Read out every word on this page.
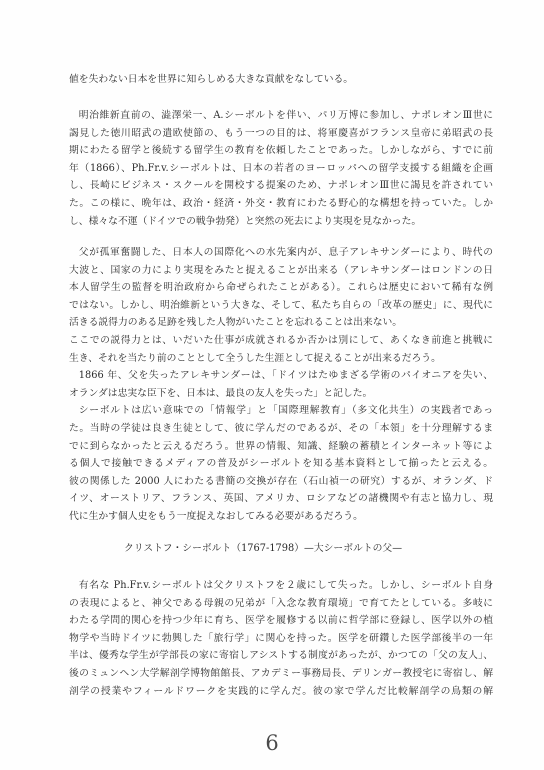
値を失わない日本を世界に知らしめる大きな貢献をなしている。
明治維新直前の、澁澤栄一、A.シーボルトを伴い、パリ万博に参加し、ナポレオンⅢ世に
謁見した徳川昭武の遣欧使節の、もう一つの目的は、将軍慶喜がフランス皇帝に弟昭武の長
期にわたる留学と後続する留学生の教育を依頼したことであった。しかしながら、すでに前
年（1866）、Ph.Fr.v.シーボルトは、日本の若者のヨーロッパへの留学支援する組織を企画
し、長崎にビジネス・スクールを開校する提案のため、ナポレオンⅢ世に謁見を許されてい
た。この様に、晩年は、政治・経済・外交・教育にわたる野心的な構想を持っていた。しか
し、様々な不運（ドイツでの戦争勃発）と突然の死去により実現を見なかった。
父が孤軍奮闘した、日本人の国際化への水先案内が、息子アレキサンダーにより、時代の
大波と、国家の力により実現をみたと捉えることが出来る（アレキサンダーはロンドンの日
本人留学生の監督を明治政府から命ぜられたことがある）。これらは歴史において稀有な例
ではない。しかし、明治維新という大きな、そして、私たち自らの「改革の歴史」に、現代に
活きる説得力のある足跡を残した人物がいたことを忘れることは出来ない。
ここでの説得力とは、いだいた仕事が成就されるか否かは別にして、あくなき前進と挑戦に
生き、それを当たり前のこととして全うした生涯として捉えることが出来るだろう。
1866 年、父を失ったアレキサンダーは、「ドイツはたゆまざる学術のパイオニアを失い、
オランダは忠実な臣下を、日本は、最良の友人を失った」と記した。
シーボルトは広い意味での「情報学」と「国際理解教育」（多文化共生）の実践者であっ
た。当時の学徒は良き生徒として、彼に学んだのであるが、その「本領」を十分理解するま
でに到らなかったと云えるだろう。世界の情報、知識、経験の蓄積とインターネット等によ
る個人で接触できるメディアの普及がシーボルトを知る基本資料として揃ったと云える。
彼の関係した 2000 人にわたる書簡の交換が存在（石山禎一の研究）するが、オランダ、ド
イツ、オーストリア、フランス、英国、アメリカ、ロシアなどの諸機関や有志と協力し、現
代に生かす個人史をもう一度捉えなおしてみる必要があるだろう。
クリストフ・シーボルト（1767-1798）—大シーボルトの父—
有名な Ph.Fr.v.シーボルトは父クリストフを２歳にして失った。しかし、シーボルト自身
の表現によると、神父である母親の兄弟が「入念な教育環境」で育てたとしている。多岐に
わたる学問的関心を持つ少年に育ち、医学を履修する以前に哲学部に登録し、医学以外の植
物学や当時ドイツに勃興した「旅行学」に関心を持った。医学を研鑽した医学部後半の一年
半は、優秀な学生が学部長の家に寄宿しアシストする制度があったが、かつての「父の友人」、
後のミュンヘン大学解剖学博物館館長、アカデミー事務局長、デリンガー教授宅に寄宿し、解
剖学の授業やフィールドワークを実践的に学んだ。彼の家で学んだ比較解剖学の鳥類の解
6
